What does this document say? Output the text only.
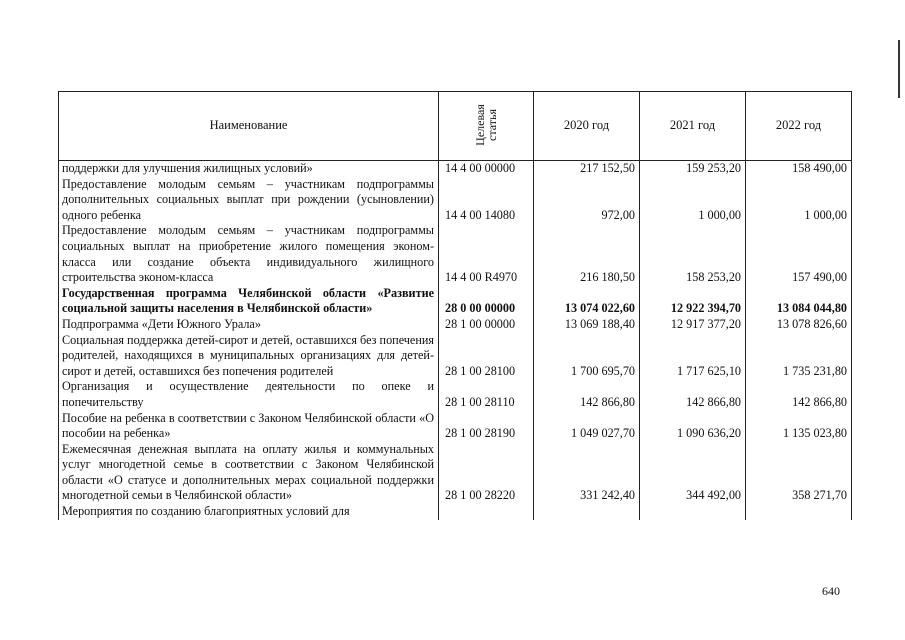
Наименование	Целевая статья	2020 год	2021 год	2022 год
поддержки для улучшения жилищных условий»	14 4 00 00000	217 152,50	159 253,20	158 490,00
Предоставление молодым семьям – участникам подпрограммы дополнительных социальных выплат при рождении (усыновлении) одного ребенка	14 4 00 14080	972,00	1 000,00	1 000,00
Предоставление молодым семьям – участникам подпрограммы социальных выплат на приобретение жилого помещения эконом-класса или создание объекта индивидуального жилищного строительства эконом-класса	14 4 00 R4970	216 180,50	158 253,20	157 490,00
Государственная программа Челябинской области «Развитие социальной защиты населения в Челябинской области»	28 0 00 00000	13 074 022,60	12 922 394,70	13 084 044,80
Подпрограмма «Дети Южного Урала»	28 1 00 00000	13 069 188,40	12 917 377,20	13 078 826,60
Социальная поддержка детей-сирот и детей, оставшихся без попечения родителей, находящихся в муниципальных организациях для детей-сирот и детей, оставшихся без попечения родителей	28 1 00 28100	1 700 695,70	1 717 625,10	1 735 231,80
Организация и осуществление деятельности по опеке и попечительству	28 1 00 28110	142 866,80	142 866,80	142 866,80
Пособие на ребенка в соответствии с Законом Челябинской области «О пособии на ребенка»	28 1 00 28190	1 049 027,70	1 090 636,20	1 135 023,80
Ежемесячная денежная выплата на оплату жилья и коммунальных услуг многодетной семье в соответствии с Законом Челябинской области «О статусе и дополнительных мерах социальной поддержки многодетной семьи в Челябинской области»	28 1 00 28220	331 242,40	344 492,00	358 271,70
Мероприятия по созданию благоприятных условий для				
640
